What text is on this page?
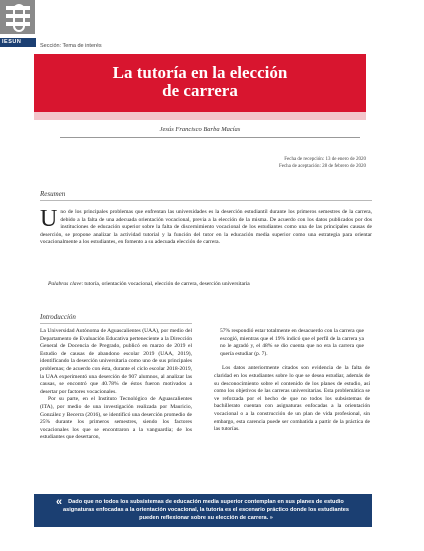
IESUN
Sección: Tema de interés
La tutoría en la elección
de carrera
Jesús Francisco Barba Macías
Fecha de recepción: 13 de enero de 2020
Fecha de aceptación: 28 de febrero de 2020
Resumen
U no de los principales problemas que enfrentan las universidades es la deserción estudiantil durante los primeros semestres de la carrera, debido a la falta de una adecuada orientación vocacional, previa a la elección de la misma. De acuerdo con los datos publicados por dos instituciones de educación superior sobre la falta de discernimiento vocacional de los estudiantes como una de las principales causas de deserción, se propone analizar la actividad tutorial y la función del tutor en la educación media superior como una estrategia para orientar vocacionalmente a los estudiantes, en fomento a su adecuada elección de carrera.
Palabras clave: tutoría, orientación vocacional, elección de carrera, deserción universitaria
Introducción

La Universidad Autónoma de Aguascalientes (UAA), por medio del Departamento de Evaluación Educativa perteneciente a la Dirección General de Docencia de Pregrado, publicó en marzo de 2019 el Estudio de causas de abandono escolar 2019 (UAA, 2019), identificando la deserción universitaria como uno de sus principales problemas; de acuerdo con ésta, durante el ciclo escolar 2018-2019, la UAA experimentó una deserción de 907 alumnos, al analizar las causas, se encontró que 40.78% de éstos fueron motivados a desertar por factores vocacionales.

Por su parte, en el Instituto Tecnológico de Aguascalientes (ITA), por medio de una investigación realizada por Mauricio, González y Becerra (2016), se identificó una deserción promedio de 25% durante los primeros semestres, siendo los factores vocacionales los que se encontraron a la vanguardia; de los estudiantes que desertaron,

57% respondió estar totalmente en desacuerdo con la carrera que escogió, mientras que el 19% indicó que el perfil de la carrera ya no le agradó y, el 48% se dio cuenta que no era la carrera que quería estudiar (p. 7).

Los datos anteriormente citados son evidencia de la falta de claridad en los estudiantes sobre lo que se desea estudiar, además de su desconocimiento sobre el contenido de los planes de estudio, así como los objetivos de las carreras universitarias. Esta problemática se ve reforzada por el hecho de que no todos los subsistemas de bachillerato cuentan con asignaturas enfocadas a la orientación vocacional o a la construcción de un plan de vida profesional, sin embargo, esta carencia puede ser combatida a partir de la práctica de las tutorías.

«	Dado que no todos los subsistemas de educación media superior contemplan en sus planes de estudio asignaturas enfocadas a la orientación vocacional, la tutoría es el escenario práctico donde los estudiantes pueden reflexionar sobre su elección de carrera. »
